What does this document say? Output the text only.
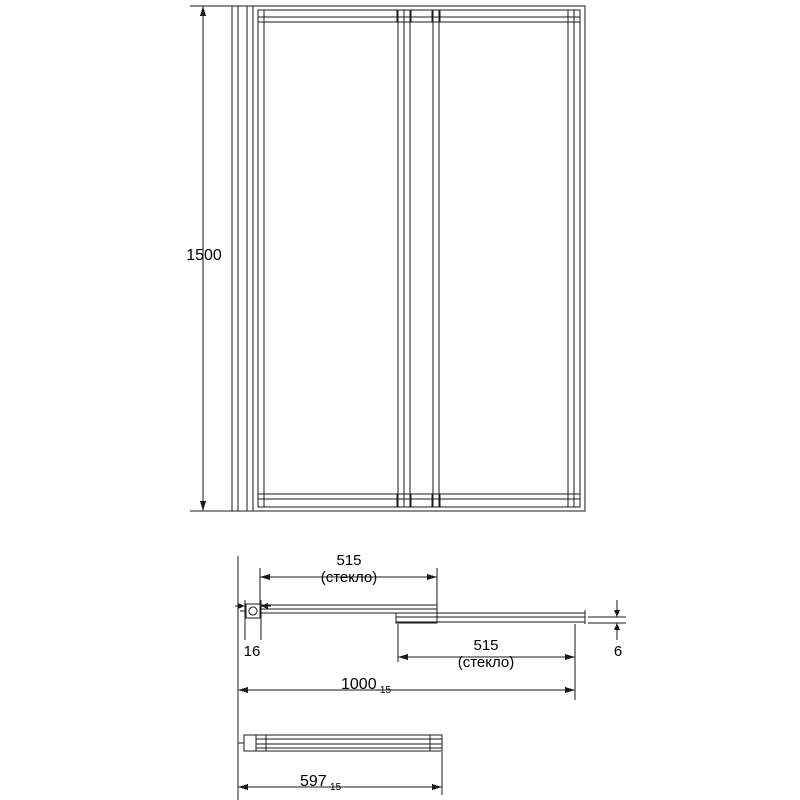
1500
515
(стекло)
515
(стекло)
16	6
$1000_{-15}$
$597_{-15}$
